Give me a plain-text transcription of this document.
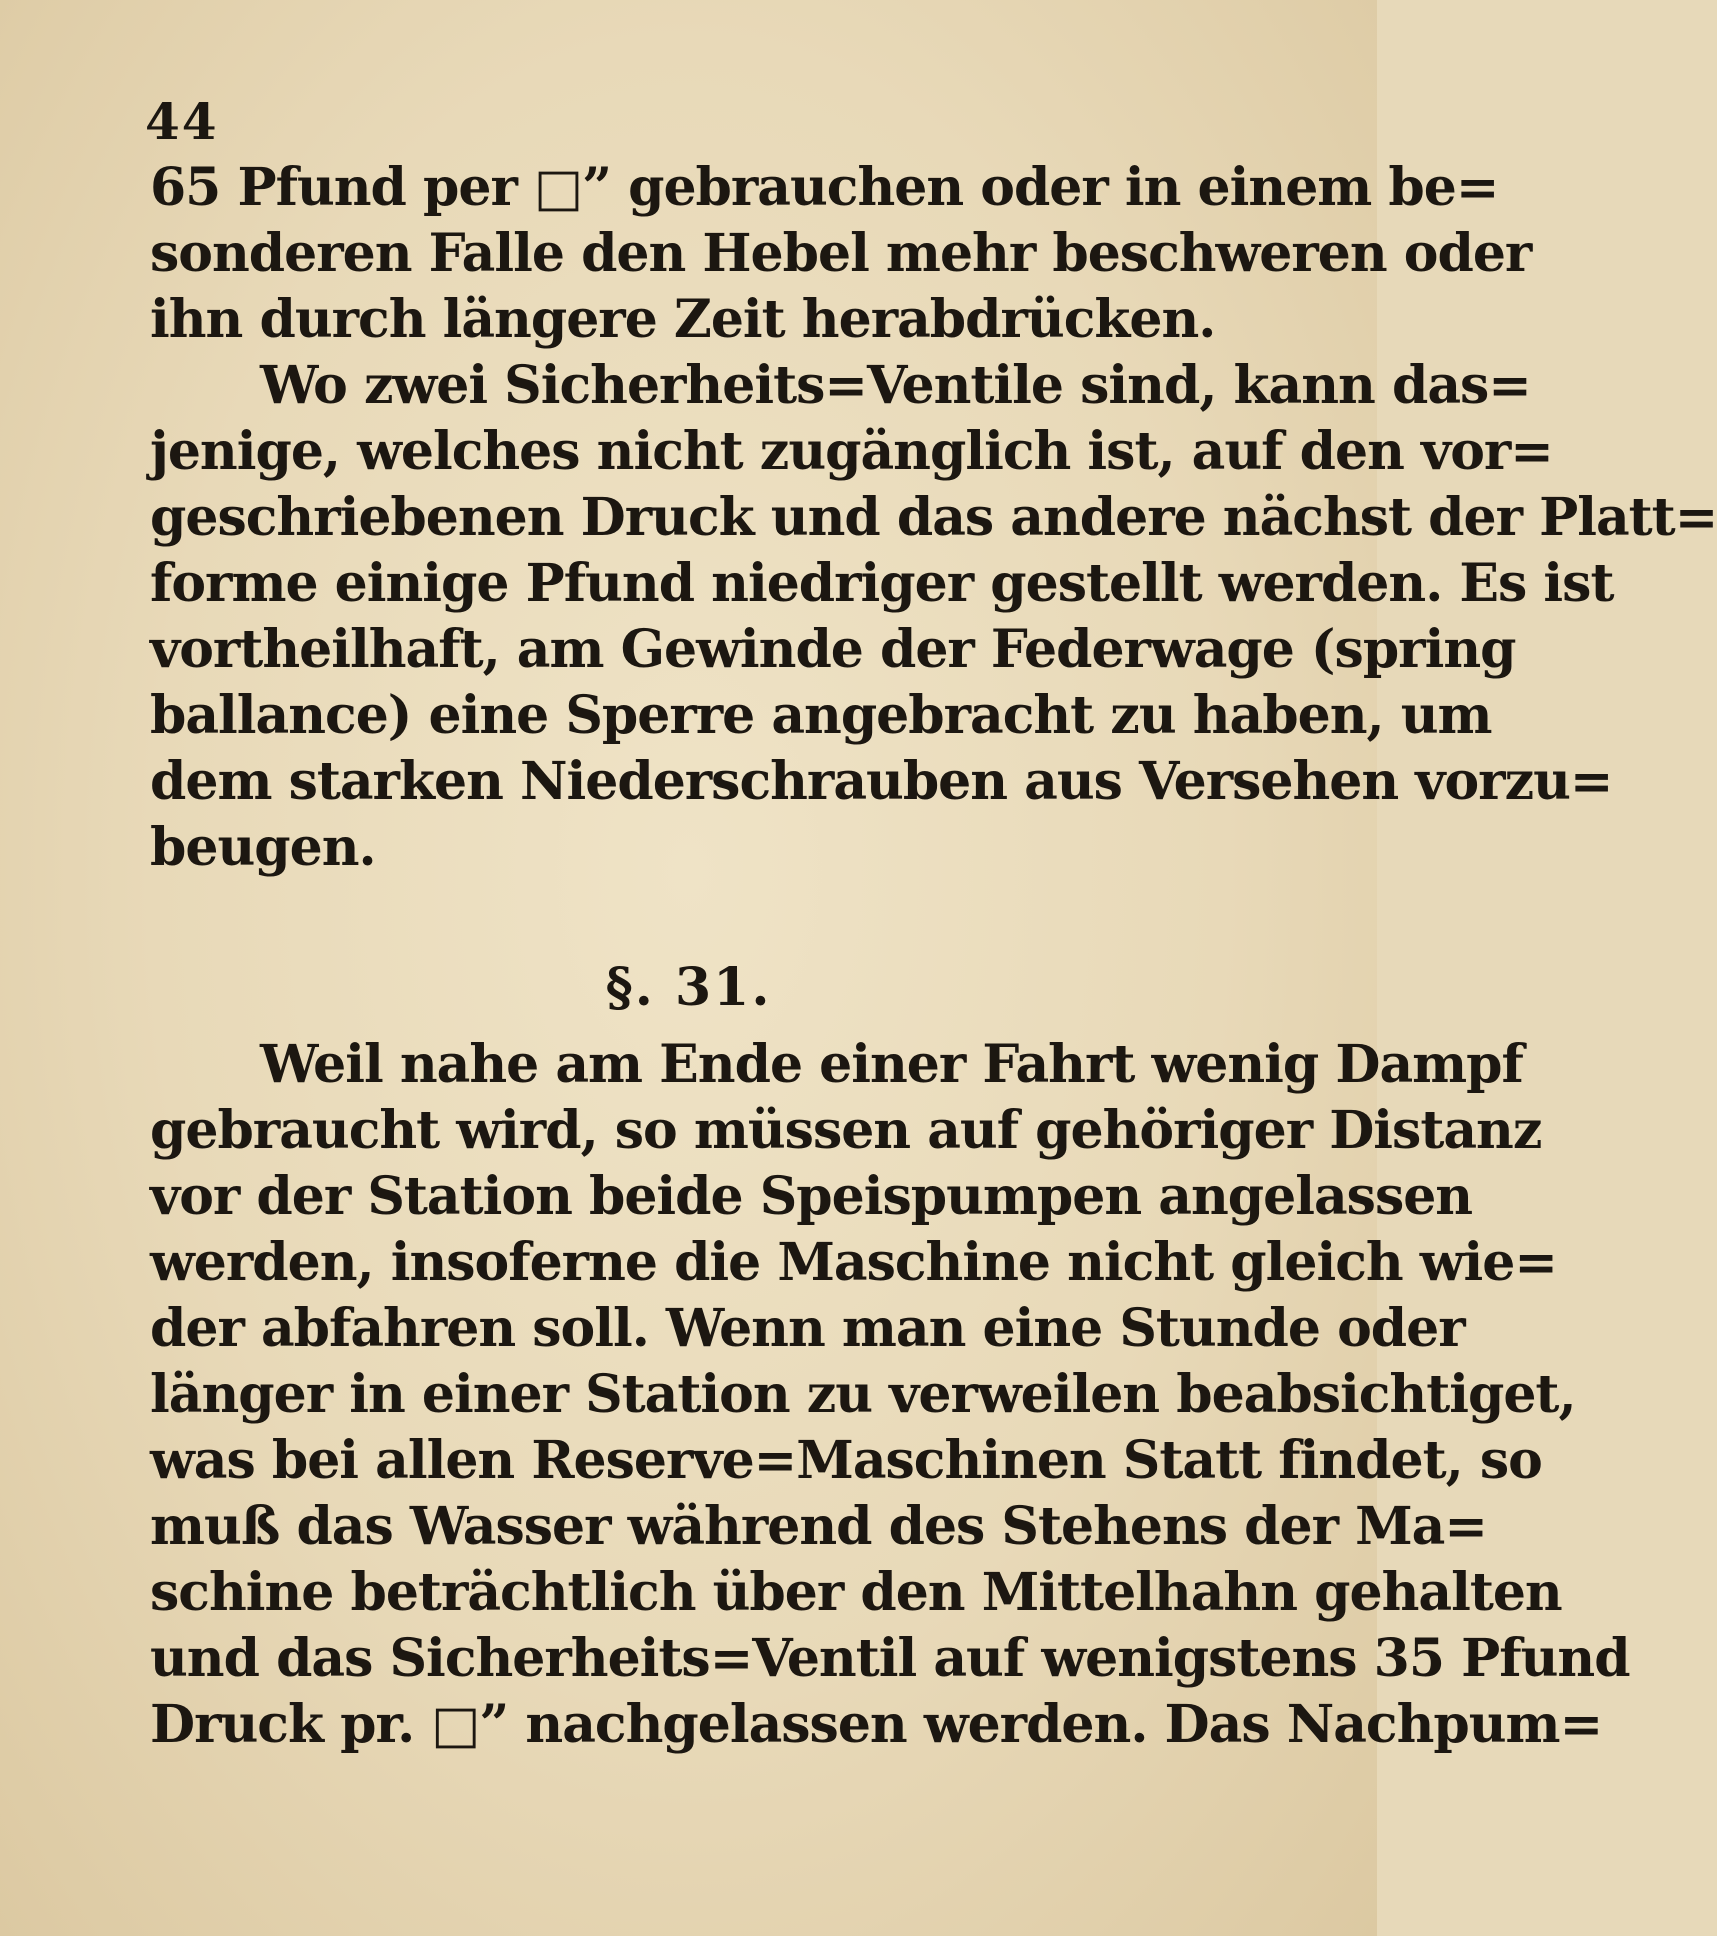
44
65 Pfund per □” gebrauchen oder in einem be=
sonderen Falle den Hebel mehr beschweren oder
ihn durch längere Zeit herabdrücken.
Wo zwei Sicherheits=Ventile sind, kann das=
jenige, welches nicht zugänglich ist, auf den vor=
geschriebenen Druck und das andere nächst der Platt=
forme einige Pfund niedriger gestellt werden. Es ist
vortheilhaft, am Gewinde der Federwage (spring
ballance) eine Sperre angebracht zu haben, um
dem starken Niederschrauben aus Versehen vorzu=
beugen.
§. 31.
Weil nahe am Ende einer Fahrt wenig Dampf
gebraucht wird, so müssen auf gehöriger Distanz
vor der Station beide Speispumpen angelassen
werden, insoferne die Maschine nicht gleich wie=
der abfahren soll. Wenn man eine Stunde oder
länger in einer Station zu verweilen beabsichtiget,
was bei allen Reserve=Maschinen Statt findet, so
muß das Wasser während des Stehens der Ma=
schine beträchtlich über den Mittelhahn gehalten
und das Sicherheits=Ventil auf wenigstens 35 Pfund
Druck pr. □” nachgelassen werden. Das Nachpum=
